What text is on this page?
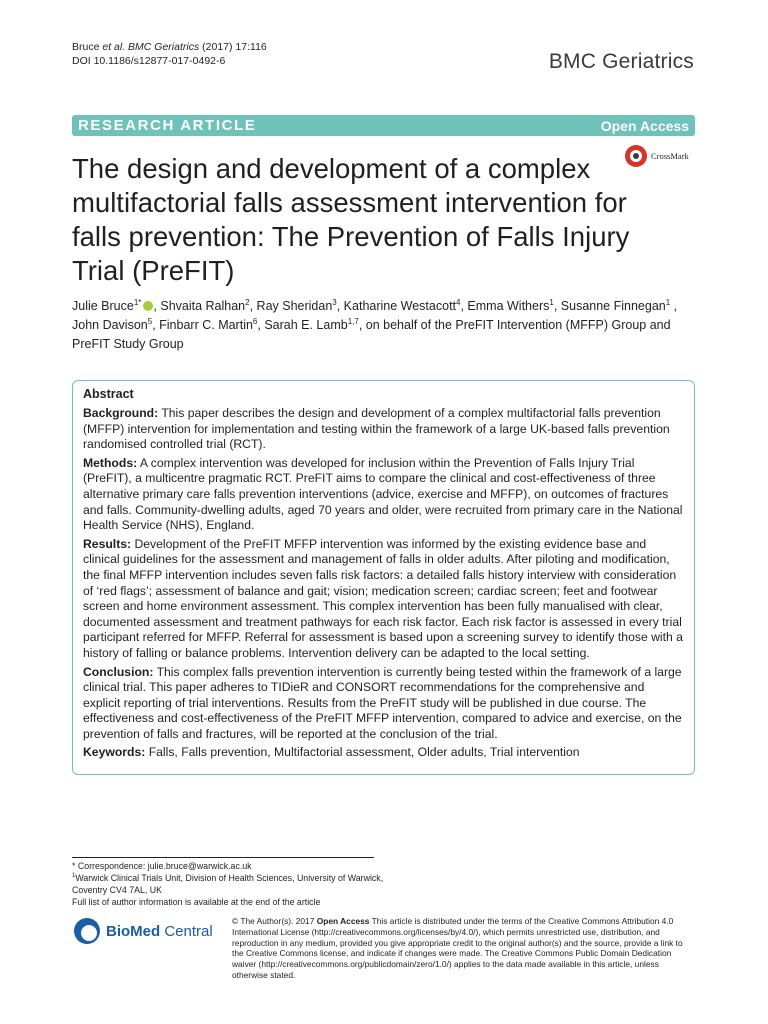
Bruce et al. BMC Geriatrics (2017) 17:116
DOI 10.1186/s12877-017-0492-6	BMC Geriatrics
RESEARCH ARTICLE	Open Access
The design and development of a complex multifactorial falls assessment intervention for falls prevention: The Prevention of Falls Injury Trial (PreFIT)
CrossMark
Julie Bruce$^{1*}$ , Shvaita Ralhan$^2$, Ray Sheridan$^3$, Katharine Westacott$^4$, Emma Withers$^1$, Susanne Finnegan$^1$ , John Davison$^5$, Finbarr C. Martin$^6$, Sarah E. Lamb$^{1,7}$, on behalf of the PreFIT Intervention (MFFP) Group and PreFIT Study Group
Abstract

Background: This paper describes the design and development of a complex multifactorial falls prevention (MFFP) intervention for implementation and testing within the framework of a large UK-based falls prevention randomised controlled trial (RCT).

Methods: A complex intervention was developed for inclusion within the Prevention of Falls Injury Trial (PreFIT), a multicentre pragmatic RCT. PreFIT aims to compare the clinical and cost-effectiveness of three alternative primary care falls prevention interventions (advice, exercise and MFFP), on outcomes of fractures and falls. Community-dwelling adults, aged 70 years and older, were recruited from primary care in the National Health Service (NHS), England.

Results: Development of the PreFIT MFFP intervention was informed by the existing evidence base and clinical guidelines for the assessment and management of falls in older adults. After piloting and modification, the final MFFP intervention includes seven falls risk factors: a detailed falls history interview with consideration of ‘red flags’; assessment of balance and gait; vision; medication screen; cardiac screen; feet and footwear screen and home environment assessment. This complex intervention has been fully manualised with clear, documented assessment and treatment pathways for each risk factor. Each risk factor is assessed in every trial participant referred for MFFP. Referral for assessment is based upon a screening survey to identify those with a history of falling or balance problems. Intervention delivery can be adapted to the local setting.

Conclusion: This complex falls prevention intervention is currently being tested within the framework of a large clinical trial. This paper adheres to TIDieR and CONSORT recommendations for the comprehensive and explicit reporting of trial interventions. Results from the PreFIT study will be published in due course. The effectiveness and cost-effectiveness of the PreFIT MFFP intervention, compared to advice and exercise, on the prevention of falls and fractures, will be reported at the conclusion of the trial.

Keywords: Falls, Falls prevention, Multifactorial assessment, Older adults, Trial intervention

* Correspondence: julie.bruce@warwick.ac.uk
$^1$Warwick Clinical Trials Unit, Division of Health Sciences, University of Warwick, Coventry CV4 7AL, UK
Full list of author information is available at the end of the article
BioMed Central
© The Author(s). 2017 Open Access This article is distributed under the terms of the Creative Commons Attribution 4.0 International License (http://creativecommons.org/licenses/by/4.0/), which permits unrestricted use, distribution, and reproduction in any medium, provided you give appropriate credit to the original author(s) and the source, provide a link to the Creative Commons license, and indicate if changes were made. The Creative Commons Public Domain Dedication waiver (http://creativecommons.org/publicdomain/zero/1.0/) applies to the data made available in this article, unless otherwise stated.
